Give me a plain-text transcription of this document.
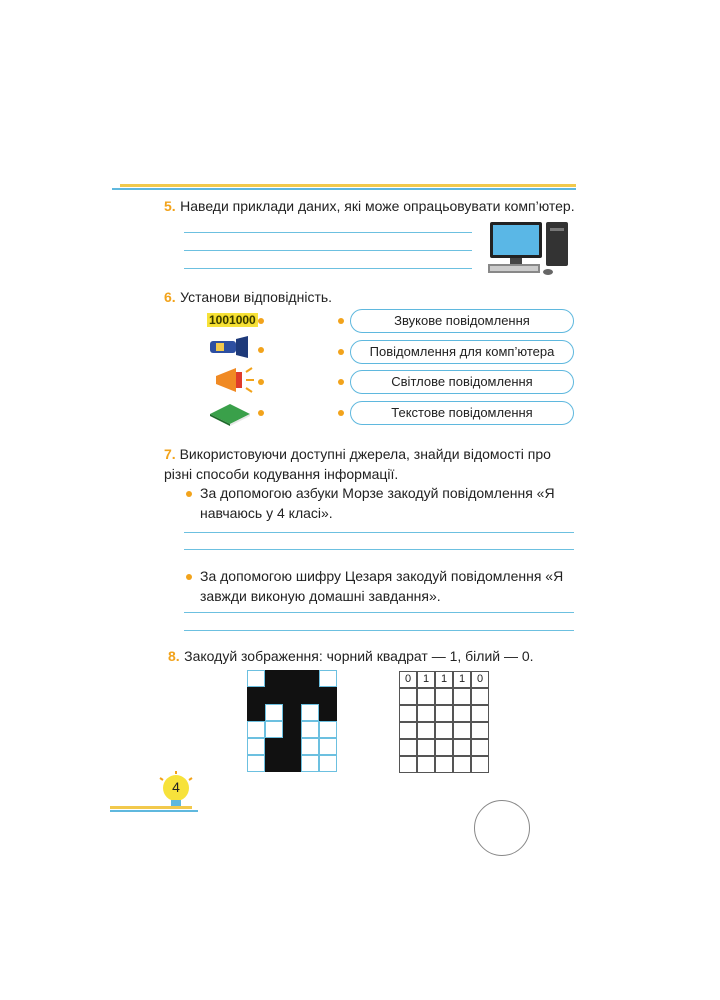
5. Наведи приклади даних, які може опрацьовувати комп’ютер.
6. Установи відповідність.
1001000	Звукове повідомлення
Повідомлення для комп’ютера
Світлове повідомлення
Текстове повідомлення
7. Використовуючи доступні джерела, знайди відомості про різні способи кодування інформації.
За допомогою азбуки Морзе закодуй повідомлення «Я навчаюсь у 4 класі».
За допомогою шифру Цезаря закодуй повідомлення «Я завжди виконую домашні завдання».
8. Закодуй зображення: чорний квадрат — 1, білий — 0.
0	1	1	1	0
4
